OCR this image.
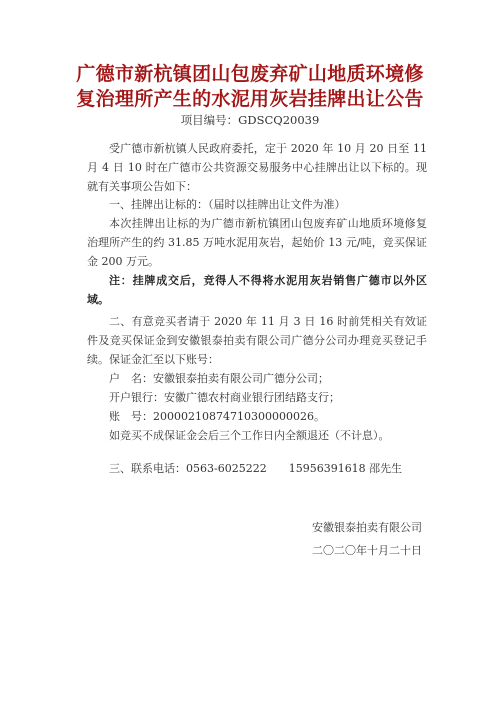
广德市新杭镇团山包废弃矿山地质环境修
复治理所产生的水泥用灰岩挂牌出让公告
项目编号：GDSCQ20039

受广德市新杭镇人民政府委托，定于 2020 年 10 月 20 日至 11 月 4 日 10 时在广德市公共资源交易服务中心挂牌出让以下标的。现就有关事项公告如下：

一、挂牌出让标的：（届时以挂牌出让文件为准）

本次挂牌出让标的为广德市新杭镇团山包废弃矿山地质环境修复治理所产生的约 31.85 万吨水泥用灰岩，起始价 13 元/吨，竞买保证金 200 万元。

注：挂牌成交后，竞得人不得将水泥用灰岩销售广德市以外区域。

二、有意竞买者请于 2020 年 11 月 3 日 16 时前凭相关有效证件及竞买保证金到安徽银泰拍卖有限公司广德分公司办理竞买登记手续。保证金汇至以下账号：

户　名：安徽银泰拍卖有限公司广德分公司；

开户银行：安徽广德农村商业银行团结路支行；

账　号：20000210874710300000026。

如竞买不成保证金会后三个工作日内全额退还（不计息）。

三、联系电话：0563-6025222　　15956391618 邵先生

安徽银泰拍卖有限公司
二〇二〇年十月二十日
